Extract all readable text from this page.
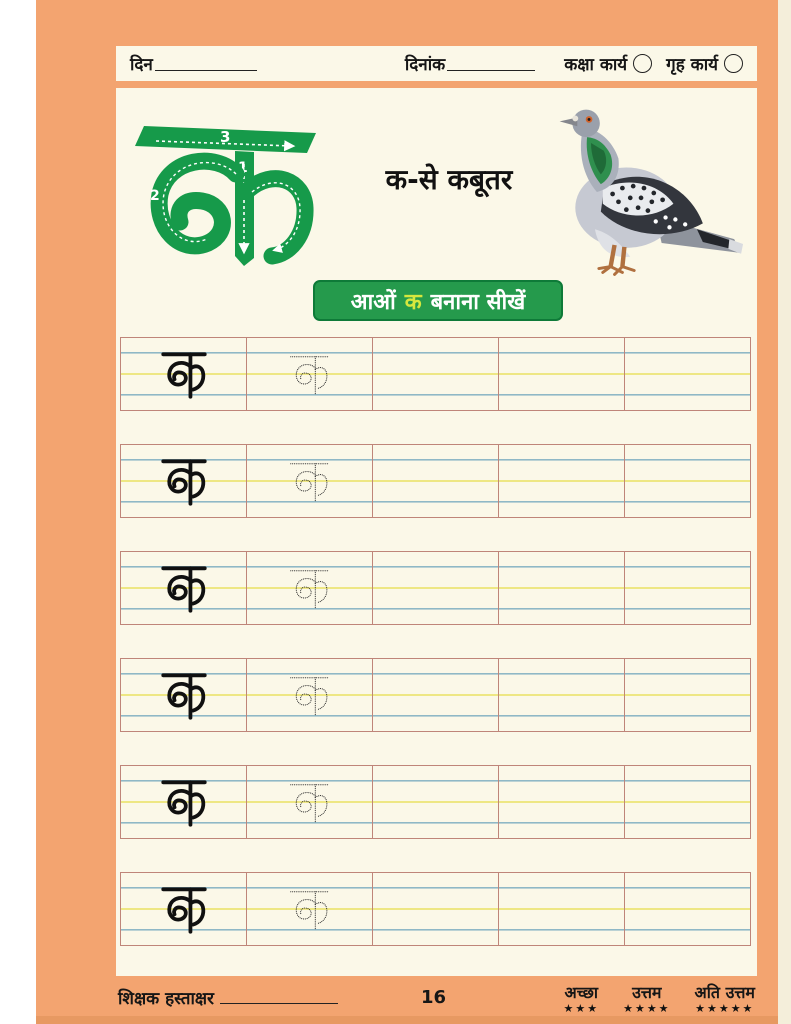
दिन	दिनांक	कक्षा कार्य गृह कार्य
3
1
2	क-से कबूतर
आओं क बनाना सीखें
शिक्षक हस्ताक्षर	16	अच्छा
★★★
उत्तम
★★★★
अति उत्तम
★★★★★
